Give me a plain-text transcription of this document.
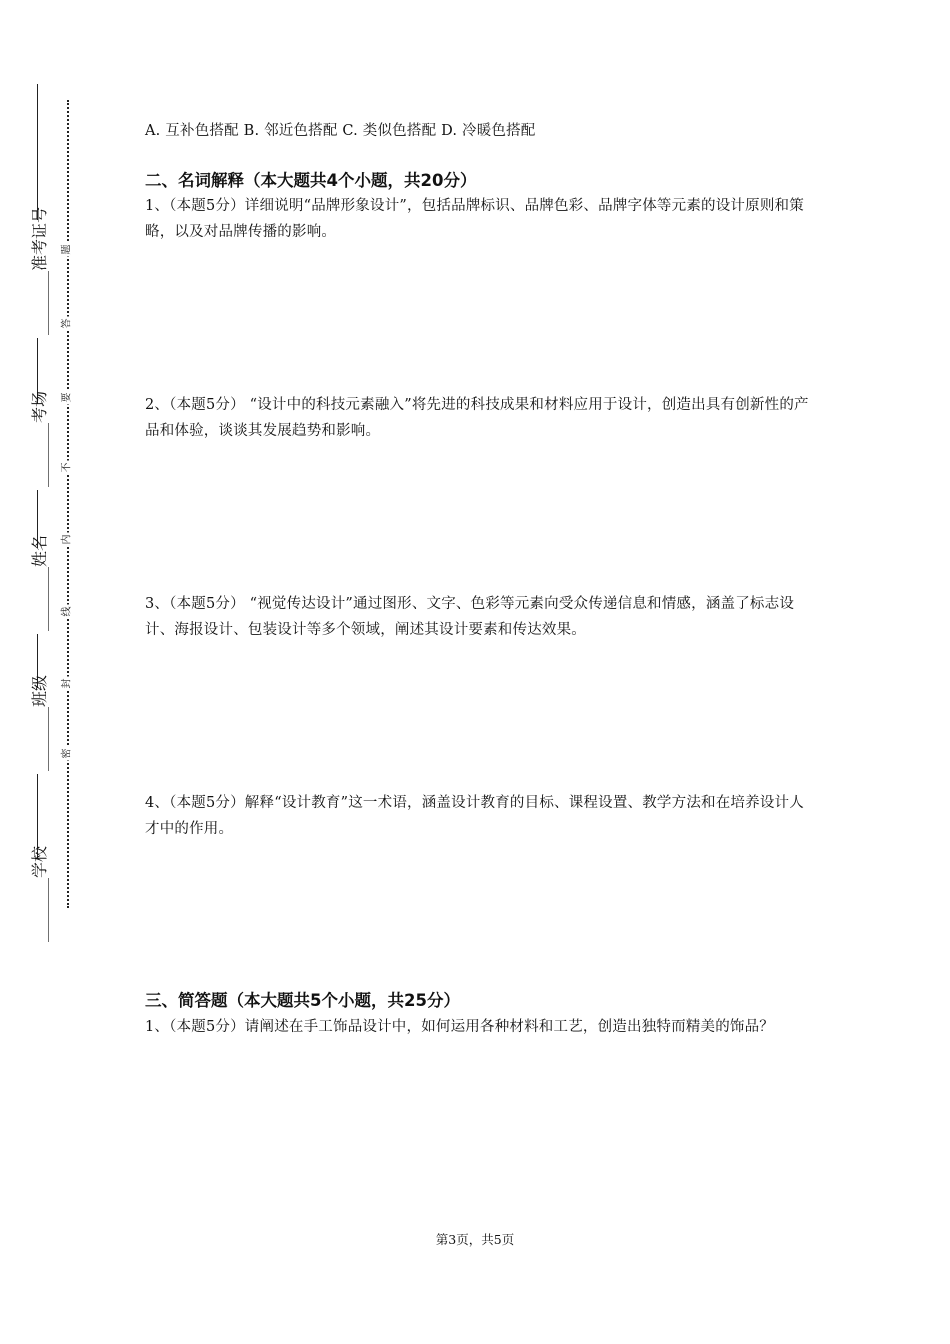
________准考证号
________考场
________姓名
________班级
________学校
题
答
要
不
内
线
封
密
A. 互补色搭配 B. 邻近色搭配 C. 类似色搭配 D. 冷暖色搭配
二、名词解释（本大题共4个小题，共20分）
1、（本题5分）详细说明“品牌形象设计”，包括品牌标识、品牌色彩、品牌字体等元素的设计原则和策略，以及对品牌传播的影响。
2、（本题5分） “设计中的科技元素融入”将先进的科技成果和材料应用于设计，创造出具有创新性的产品和体验，谈谈其发展趋势和影响。
3、（本题5分） “视觉传达设计”通过图形、文字、色彩等元素向受众传递信息和情感，涵盖了标志设计、海报设计、包装设计等多个领域，阐述其设计要素和传达效果。
4、（本题5分）解释“设计教育”这一术语，涵盖设计教育的目标、课程设置、教学方法和在培养设计人才中的作用。
三、简答题（本大题共5个小题，共25分）
1、（本题5分）请阐述在手工饰品设计中，如何运用各种材料和工艺，创造出独特而精美的饰品？
第3页，共5页
